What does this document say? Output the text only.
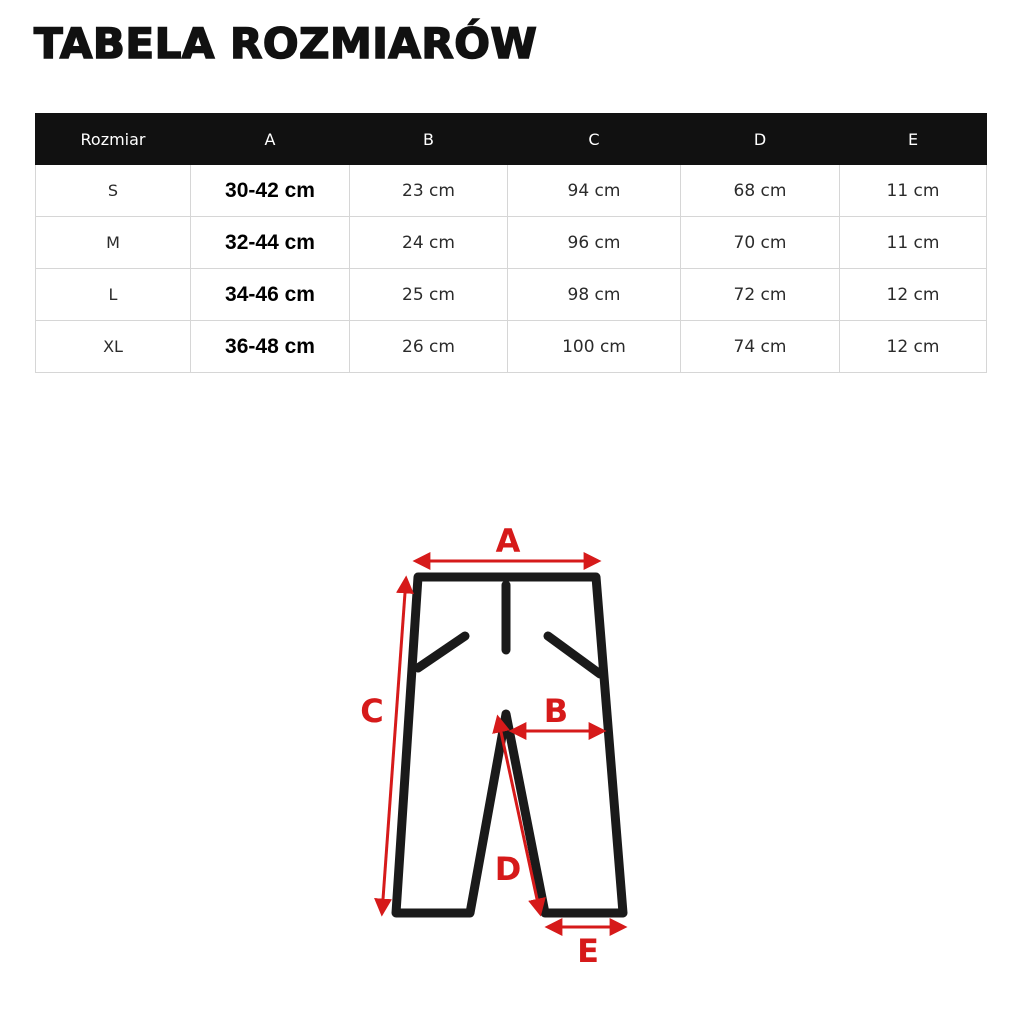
TABELA ROZMIARÓW
Rozmiar	A	B	C	D	E
S	30-42 cm	23 cm	94 cm	68 cm	11 cm
M	32-44 cm	24 cm	96 cm	70 cm	11 cm
L	34-46 cm	25 cm	98 cm	72 cm	12 cm
XL	36-48 cm	26 cm	100 cm	74 cm	12 cm
A
B
C
D
E
